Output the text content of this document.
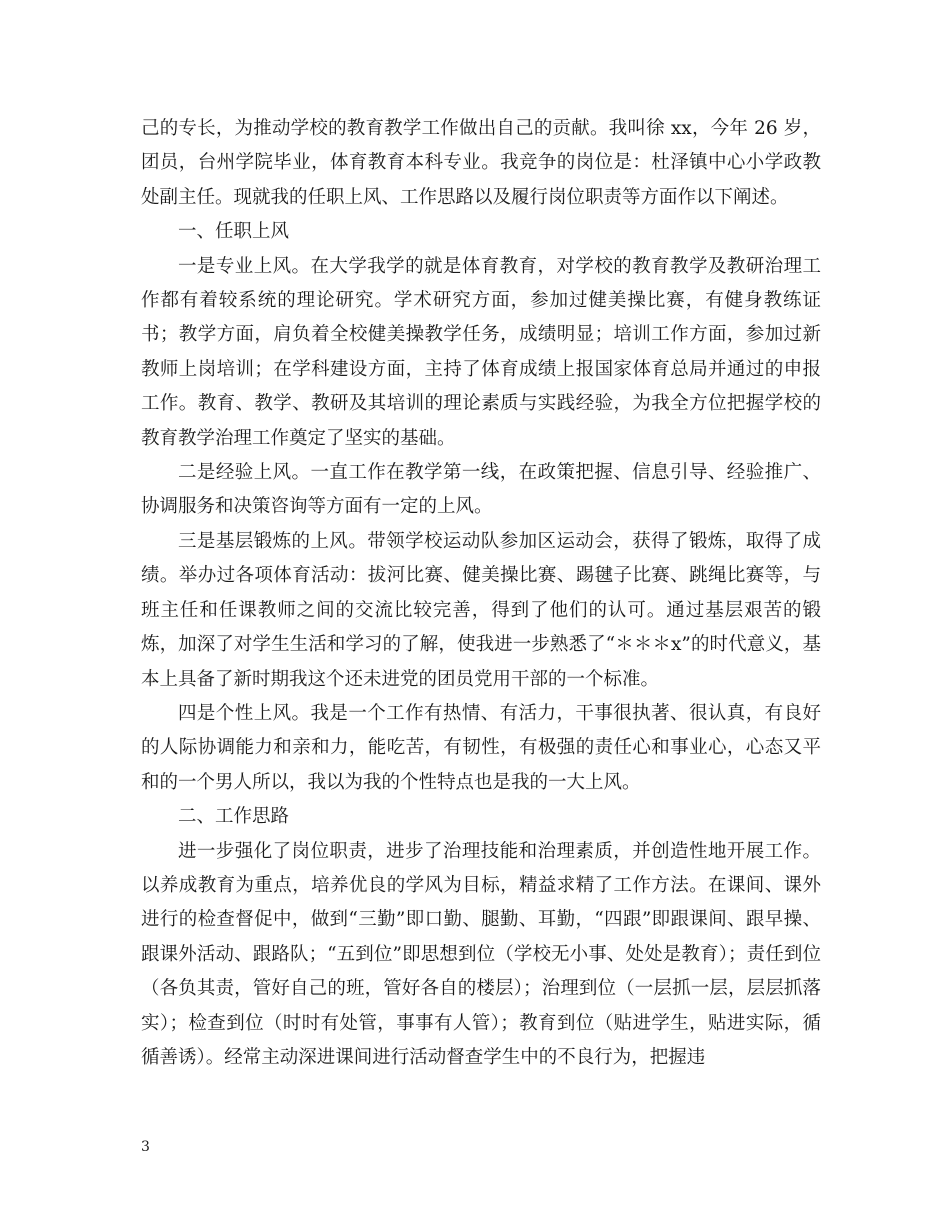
己的专长，为推动学校的教育教学工作做出自己的贡献。我叫徐 xx，今年 26 岁，团员，台州学院毕业，体育教育本科专业。我竞争的岗位是：杜泽镇中心小学政教处副主任。现就我的任职上风、工作思路以及履行岗位职责等方面作以下阐述。

一、任职上风

一是专业上风。在大学我学的就是体育教育，对学校的教育教学及教研治理工作都有着较系统的理论研究。学术研究方面，参加过健美操比赛，有健身教练证书；教学方面，肩负着全校健美操教学任务，成绩明显；培训工作方面，参加过新教师上岗培训；在学科建设方面，主持了体育成绩上报国家体育总局并通过的申报工作。教育、教学、教研及其培训的理论素质与实践经验，为我全方位把握学校的教育教学治理工作奠定了坚实的基础。

二是经验上风。一直工作在教学第一线，在政策把握、信息引导、经验推广、协调服务和决策咨询等方面有一定的上风。

三是基层锻炼的上风。带领学校运动队参加区运动会，获得了锻炼，取得了成绩。举办过各项体育活动：拔河比赛、健美操比赛、踢毽子比赛、跳绳比赛等，与班主任和任课教师之间的交流比较完善，得到了他们的认可。通过基层艰苦的锻炼，加深了对学生生活和学习的了解，使我进一步熟悉了“＊＊＊x”的时代意义，基本上具备了新时期我这个还未进党的团员党用干部的一个标准。

四是个性上风。我是一个工作有热情、有活力，干事很执著、很认真，有良好的人际协调能力和亲和力，能吃苦，有韧性，有极强的责任心和事业心，心态又平和的一个男人所以，我以为我的个性特点也是我的一大上风。

二、工作思路

进一步强化了岗位职责，进步了治理技能和治理素质，并创造性地开展工作。以养成教育为重点，培养优良的学风为目标，精益求精了工作方法。在课间、课外进行的检查督促中，做到“三勤”即口勤、腿勤、耳勤，“四跟”即跟课间、跟早操、跟课外活动、跟路队；“五到位”即思想到位（学校无小事、处处是教育）；责任到位（各负其责，管好自己的班，管好各自的楼层）；治理到位（一层抓一层，层层抓落实）；检查到位（时时有处管，事事有人管）；教育到位（贴进学生，贴进实际，循循善诱）。经常主动深进课间进行活动督查学生中的不良行为，把握违

3
